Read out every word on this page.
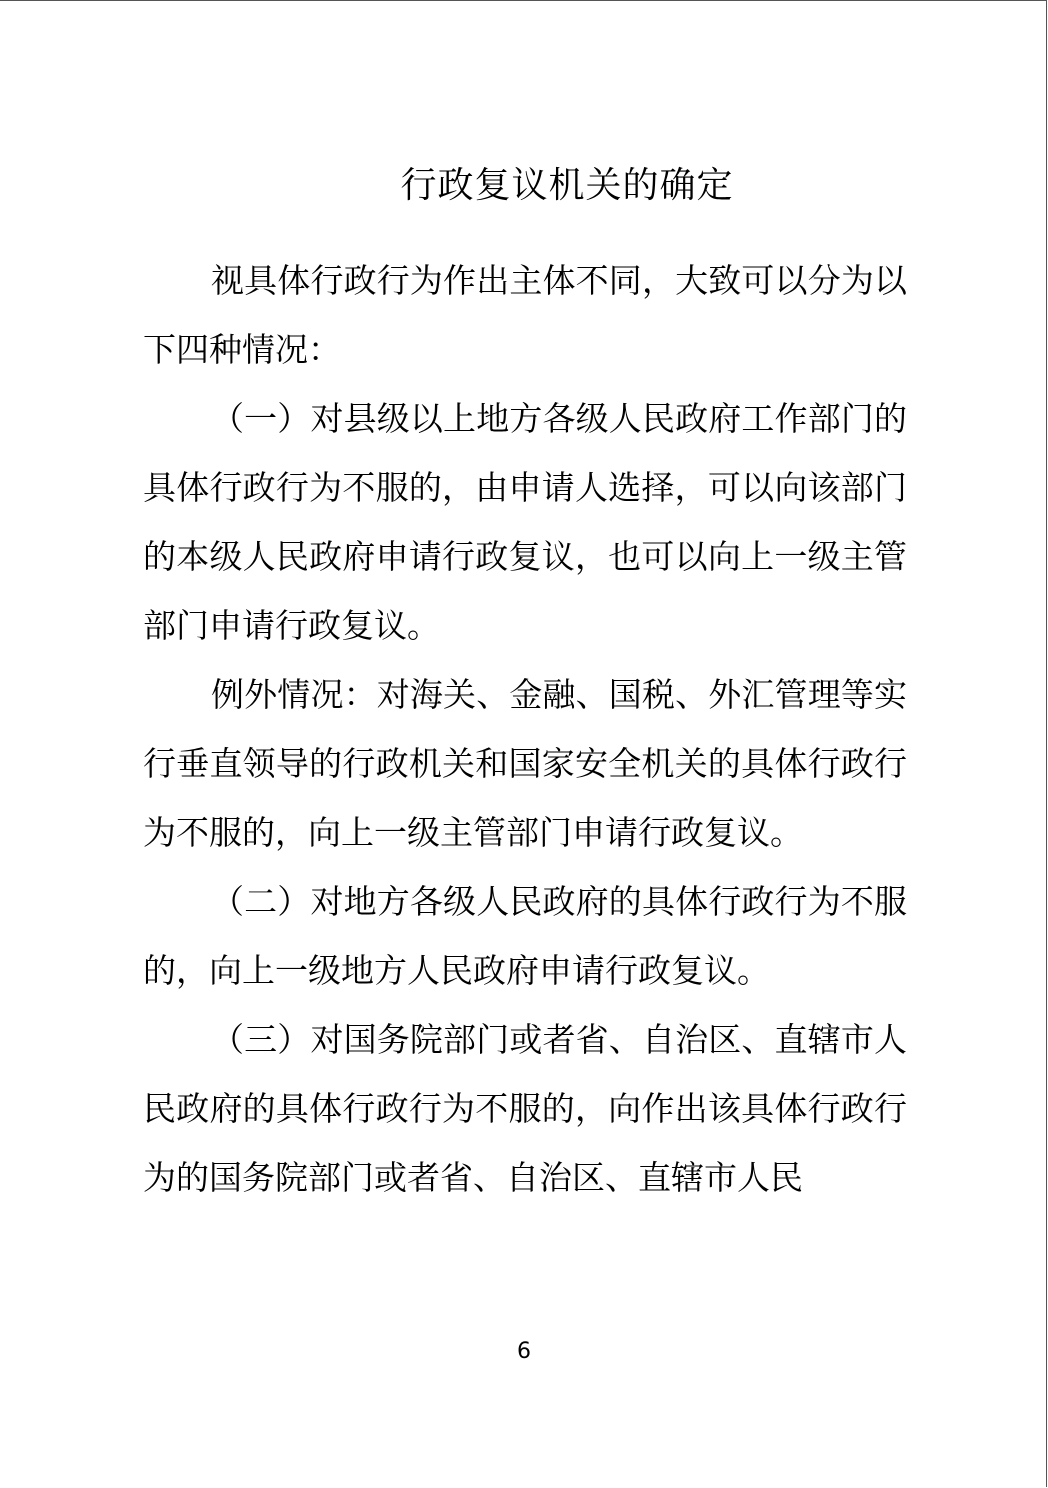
行政复议机关的确定

视具体行政行为作出主体不同，大致可以分为以下四种情况：

（一）对县级以上地方各级人民政府工作部门的具体行政行为不服的，由申请人选择，可以向该部门的本级人民政府申请行政复议，也可以向上一级主管部门申请行政复议。

例外情况：对海关、金融、国税、外汇管理等实行垂直领导的行政机关和国家安全机关的具体行政行为不服的，向上一级主管部门申请行政复议。

（二）对地方各级人民政府的具体行政行为不服的，向上一级地方人民政府申请行政复议。

（三）对国务院部门或者省、自治区、直辖市人民政府的具体行政行为不服的，向作出该具体行政行为的国务院部门或者省、自治区、直辖市人民

6
